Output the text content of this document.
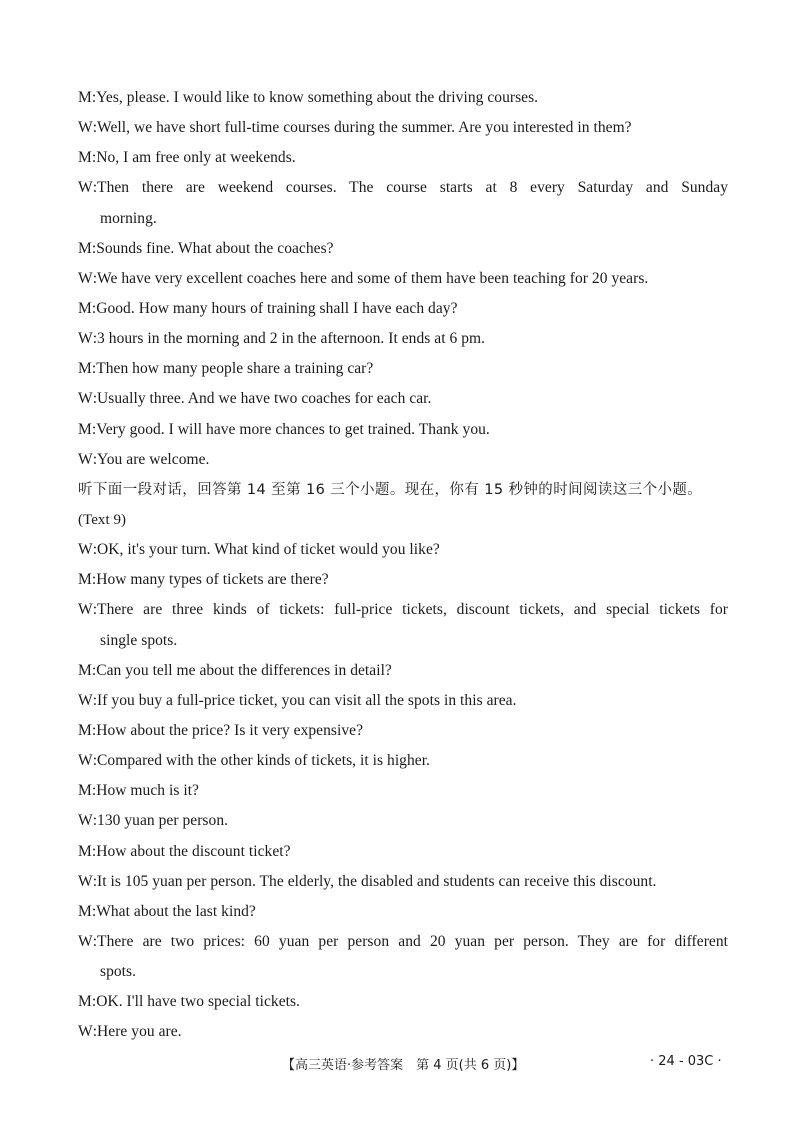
M:Yes, please. I would like to know something about the driving courses.
W:Well, we have short full-time courses during the summer. Are you interested in them?
M:No, I am free only at weekends.
W:Then there are weekend courses. The course starts at 8 every Saturday and Sunday
morning.
M:Sounds fine. What about the coaches?
W:We have very excellent coaches here and some of them have been teaching for 20 years.
M:Good. How many hours of training shall I have each day?
W:3 hours in the morning and 2 in the afternoon. It ends at 6 pm.
M:Then how many people share a training car?
W:Usually three. And we have two coaches for each car.
M:Very good. I will have more chances to get trained. Thank you.
W:You are welcome.
听下面一段对话，回答第 14 至第 16 三个小题。现在，你有 15 秒钟的时间阅读这三个小题。
(Text 9)
W:OK, it's your turn. What kind of ticket would you like?
M:How many types of tickets are there?
W:There are three kinds of tickets: full-price tickets, discount tickets, and special tickets for
single spots.
M:Can you tell me about the differences in detail?
W:If you buy a full-price ticket, you can visit all the spots in this area.
M:How about the price? Is it very expensive?
W:Compared with the other kinds of tickets, it is higher.
M:How much is it?
W:130 yuan per person.
M:How about the discount ticket?
W:It is 105 yuan per person. The elderly, the disabled and students can receive this discount.
M:What about the last kind?
W:There are two prices: 60 yuan per person and 20 yuan per person. They are for different
spots.
M:OK. I'll have two special tickets.
W:Here you are.
【高三英语·参考答案　第 4 页(共 6 页)】	· 24 - 03C ·
